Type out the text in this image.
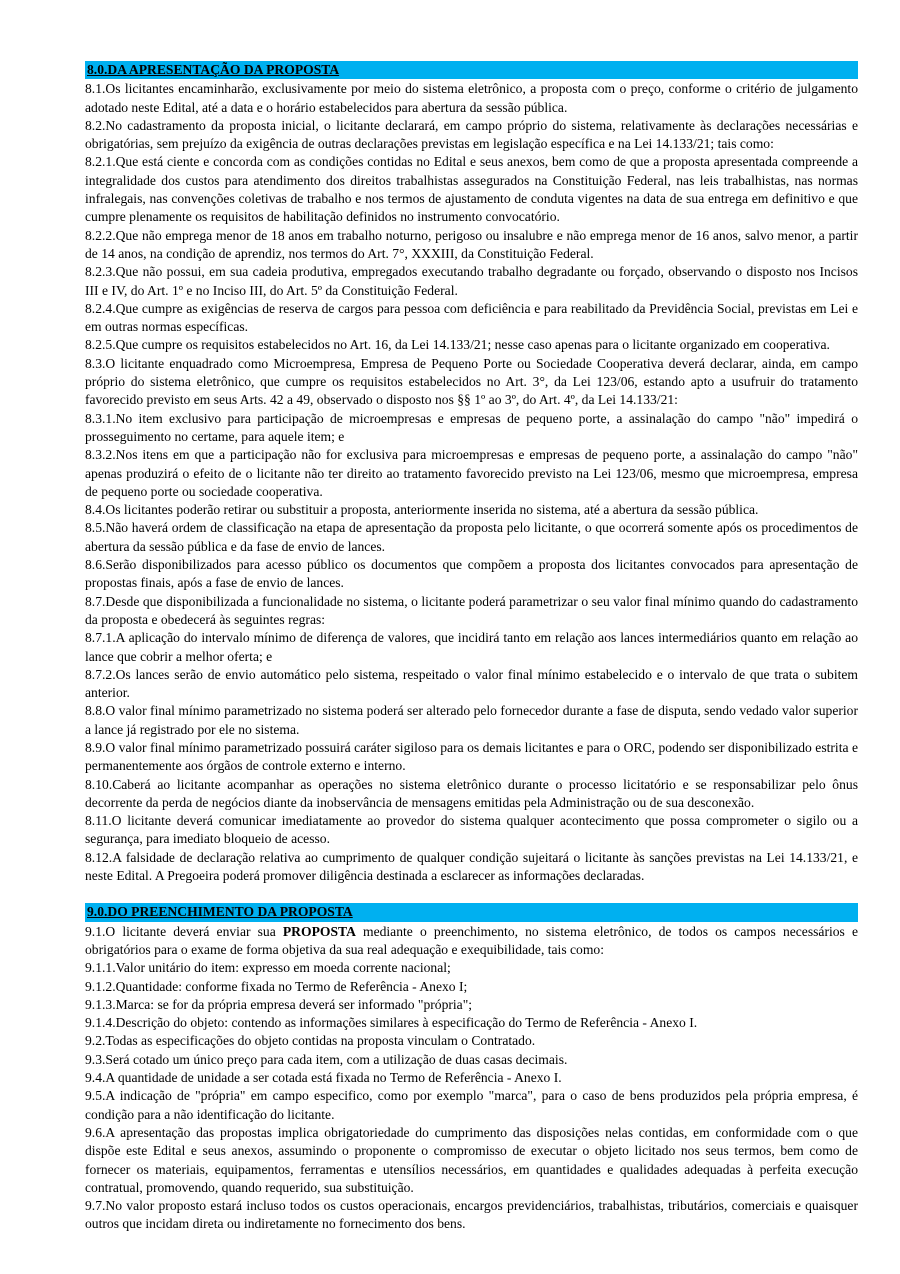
8.0.DA APRESENTAÇÃO DA PROPOSTA

8.1.Os licitantes encaminharão, exclusivamente por meio do sistema eletrônico, a proposta com o preço, conforme o critério de julgamento adotado neste Edital, até a data e o horário estabelecidos para abertura da sessão pública.

8.2.No cadastramento da proposta inicial, o licitante declarará, em campo próprio do sistema, relativamente às declarações necessárias e obrigatórias, sem prejuízo da exigência de outras declarações previstas em legislação específica e na Lei 14.133/21; tais como:

8.2.1.Que está ciente e concorda com as condições contidas no Edital e seus anexos, bem como de que a proposta apresentada compreende a integralidade dos custos para atendimento dos direitos trabalhistas assegurados na Constituição Federal, nas leis trabalhistas, nas normas infralegais, nas convenções coletivas de trabalho e nos termos de ajustamento de conduta vigentes na data de sua entrega em definitivo e que cumpre plenamente os requisitos de habilitação definidos no instrumento convocatório.

8.2.2.Que não emprega menor de 18 anos em trabalho noturno, perigoso ou insalubre e não emprega menor de 16 anos, salvo menor, a partir de 14 anos, na condição de aprendiz, nos termos do Art. 7°, XXXIII, da Constituição Federal.

8.2.3.Que não possui, em sua cadeia produtiva, empregados executando trabalho degradante ou forçado, observando o disposto nos Incisos III e IV, do Art. 1º e no Inciso III, do Art. 5º da Constituição Federal.

8.2.4.Que cumpre as exigências de reserva de cargos para pessoa com deficiência e para reabilitado da Previdência Social, previstas em Lei e em outras normas específicas.

8.2.5.Que cumpre os requisitos estabelecidos no Art. 16, da Lei 14.133/21; nesse caso apenas para o licitante organizado em cooperativa.

8.3.O licitante enquadrado como Microempresa, Empresa de Pequeno Porte ou Sociedade Cooperativa deverá declarar, ainda, em campo próprio do sistema eletrônico, que cumpre os requisitos estabelecidos no Art. 3°, da Lei 123/06, estando apto a usufruir do tratamento favorecido previsto em seus Arts. 42 a 49, observado o disposto nos §§ 1º ao 3º, do Art. 4º, da Lei 14.133/21:

8.3.1.No item exclusivo para participação de microempresas e empresas de pequeno porte, a assinalação do campo "não" impedirá o prosseguimento no certame, para aquele item; e

8.3.2.Nos itens em que a participação não for exclusiva para microempresas e empresas de pequeno porte, a assinalação do campo "não" apenas produzirá o efeito de o licitante não ter direito ao tratamento favorecido previsto na Lei 123/06, mesmo que microempresa, empresa de pequeno porte ou sociedade cooperativa.

8.4.Os licitantes poderão retirar ou substituir a proposta, anteriormente inserida no sistema, até a abertura da sessão pública.

8.5.Não haverá ordem de classificação na etapa de apresentação da proposta pelo licitante, o que ocorrerá somente após os procedimentos de abertura da sessão pública e da fase de envio de lances.

8.6.Serão disponibilizados para acesso público os documentos que compõem a proposta dos licitantes convocados para apresentação de propostas finais, após a fase de envio de lances.

8.7.Desde que disponibilizada a funcionalidade no sistema, o licitante poderá parametrizar o seu valor final mínimo quando do cadastramento da proposta e obedecerá às seguintes regras:

8.7.1.A aplicação do intervalo mínimo de diferença de valores, que incidirá tanto em relação aos lances intermediários quanto em relação ao lance que cobrir a melhor oferta; e

8.7.2.Os lances serão de envio automático pelo sistema, respeitado o valor final mínimo estabelecido e o intervalo de que trata o subitem anterior.

8.8.O valor final mínimo parametrizado no sistema poderá ser alterado pelo fornecedor durante a fase de disputa, sendo vedado valor superior a lance já registrado por ele no sistema.

8.9.O valor final mínimo parametrizado possuirá caráter sigiloso para os demais licitantes e para o ORC, podendo ser disponibilizado estrita e permanentemente aos órgãos de controle externo e interno.

8.10.Caberá ao licitante acompanhar as operações no sistema eletrônico durante o processo licitatório e se responsabilizar pelo ônus decorrente da perda de negócios diante da inobservância de mensagens emitidas pela Administração ou de sua desconexão.

8.11.O licitante deverá comunicar imediatamente ao provedor do sistema qualquer acontecimento que possa comprometer o sigilo ou a segurança, para imediato bloqueio de acesso.

8.12.A falsidade de declaração relativa ao cumprimento de qualquer condição sujeitará o licitante às sanções previstas na Lei 14.133/21, e neste Edital. A Pregoeira poderá promover diligência destinada a esclarecer as informações declaradas.

9.0.DO PREENCHIMENTO DA PROPOSTA

9.1.O licitante deverá enviar sua PROPOSTA mediante o preenchimento, no sistema eletrônico, de todos os campos necessários e obrigatórios para o exame de forma objetiva da sua real adequação e exequibilidade, tais como:

9.1.1.Valor unitário do item: expresso em moeda corrente nacional;

9.1.2.Quantidade: conforme fixada no Termo de Referência - Anexo I;

9.1.3.Marca: se for da própria empresa deverá ser informado "própria";

9.1.4.Descrição do objeto: contendo as informações similares à especificação do Termo de Referência - Anexo I.

9.2.Todas as especificações do objeto contidas na proposta vinculam o Contratado.

9.3.Será cotado um único preço para cada item, com a utilização de duas casas decimais.

9.4.A quantidade de unidade a ser cotada está fixada no Termo de Referência - Anexo I.

9.5.A indicação de "própria" em campo especifico, como por exemplo "marca", para o caso de bens produzidos pela própria empresa, é condição para a não identificação do licitante.

9.6.A apresentação das propostas implica obrigatoriedade do cumprimento das disposições nelas contidas, em conformidade com o que dispõe este Edital e seus anexos, assumindo o proponente o compromisso de executar o objeto licitado nos seus termos, bem como de fornecer os materiais, equipamentos, ferramentas e utensílios necessários, em quantidades e qualidades adequadas à perfeita execução contratual, promovendo, quando requerido, sua substituição.

9.7.No valor proposto estará incluso todos os custos operacionais, encargos previdenciários, trabalhistas, tributários, comerciais e quaisquer outros que incidam direta ou indiretamente no fornecimento dos bens.
